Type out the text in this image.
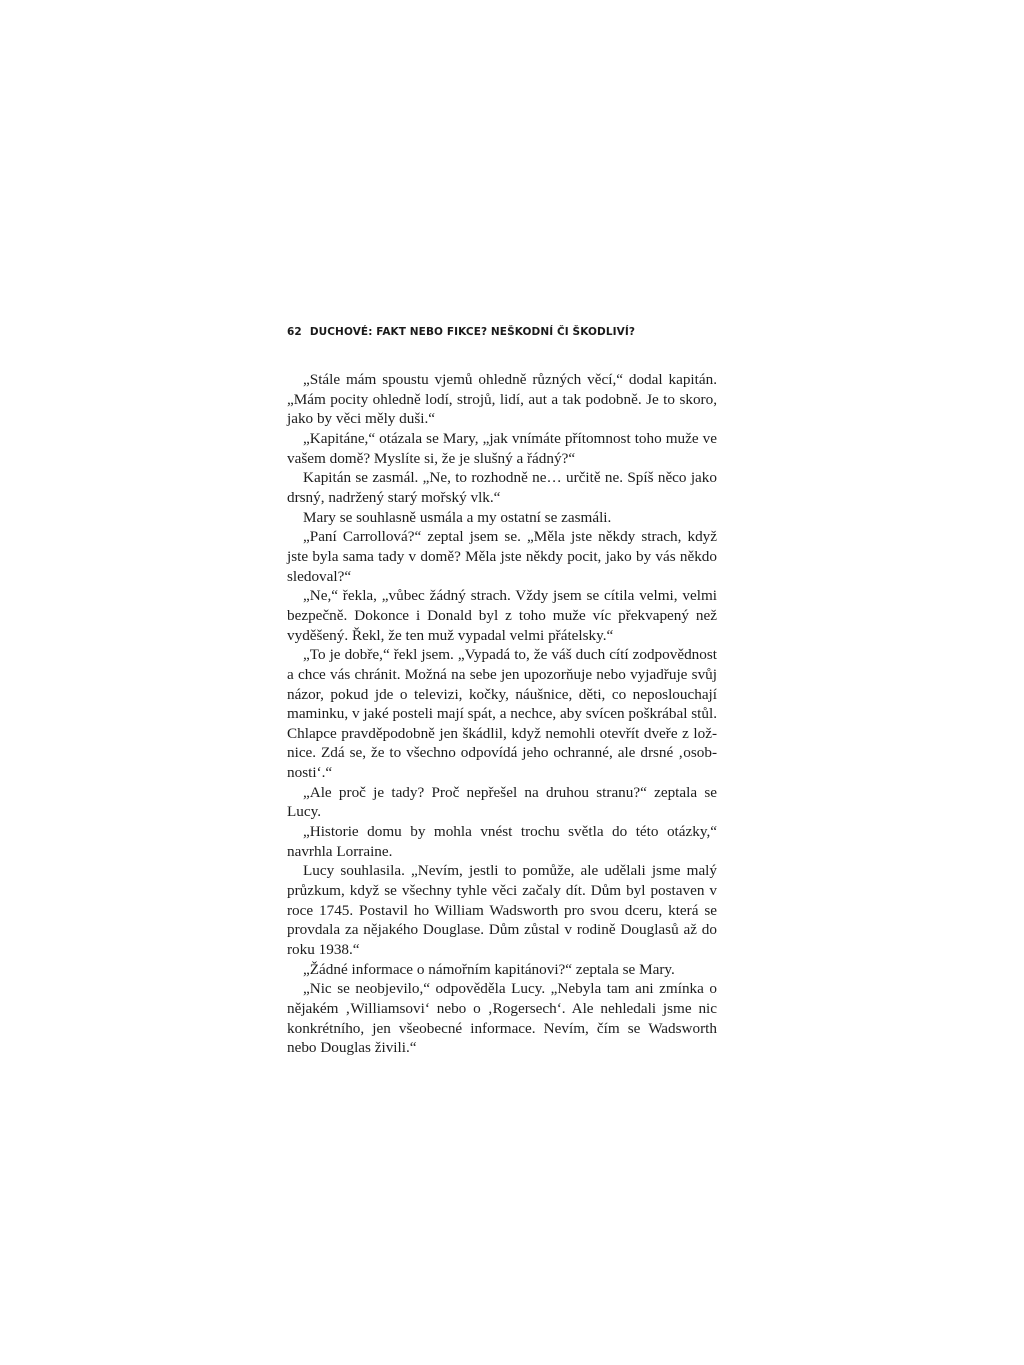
62 DUCHOVÉ: FAKT NEBO FIKCE? NEŠKODNÍ ČI ŠKODLIVÍ?

„Stále mám spoustu vjemů ohledně různých věcí,“ dodal kapitán. „Mám pocity ohledně lodí, strojů, lidí, aut a tak podobně. Je to skoro, jako by věci měly duši.“

„Kapitáne,“ otázala se Mary, „jak vnímáte přítomnost toho muže ve vašem domě? Myslíte si, že je slušný a řádný?“

Kapitán se zasmál. „Ne, to rozhodně ne… určitě ne. Spíš něco jako drsný, nadržený starý mořský vlk.“

Mary se souhlasně usmála a my ostatní se zasmáli.

„Paní Carrollová?“ zeptal jsem se. „Měla jste někdy strach, když jste byla sama tady v domě? Měla jste někdy pocit, jako by vás někdo sledoval?“

„Ne,“ řekla, „vůbec žádný strach. Vždy jsem se cítila velmi, velmi bezpečně. Dokonce i Donald byl z toho muže víc překvapený než vyděšený. Řekl, že ten muž vypadal velmi přátelsky.“

„To je dobře,“ řekl jsem. „Vypadá to, že váš duch cítí zodpovědnost a chce vás chránit. Možná na sebe jen upozorňuje nebo vyjadřuje svůj názor, pokud jde o televizi, kočky, náušnice, děti, co neposlouchají maminku, v jaké posteli mají spát, a nechce, aby svícen poškrábal stůl. Chlapce pravděpodobně jen škádlil, když nemohli otevřít dveře z ložnice. Zdá se, že to všechno odpovídá jeho ochranné, ale drsné ‚osobnosti‘.“

„Ale proč je tady? Proč nepřešel na druhou stranu?“ zeptala se Lucy.

„Historie domu by mohla vnést trochu světla do této otázky,“ navrhla Lorraine.

Lucy souhlasila. „Nevím, jestli to pomůže, ale udělali jsme malý průzkum, když se všechny tyhle věci začaly dít. Dům byl postaven v roce 1745. Postavil ho William Wadsworth pro svou dceru, která se provdala za nějakého Douglase. Dům zůstal v rodině Douglasů až do roku 1938.“

„Žádné informace o námořním kapitánovi?“ zeptala se Mary.

„Nic se neobjevilo,“ odpověděla Lucy. „Nebyla tam ani zmínka o nějakém ‚Williamsovi‘ nebo o ‚Rogersech‘. Ale nehledali jsme nic konkrétního, jen všeobecné informace. Nevím, čím se Wadsworth nebo Douglas živili.“
